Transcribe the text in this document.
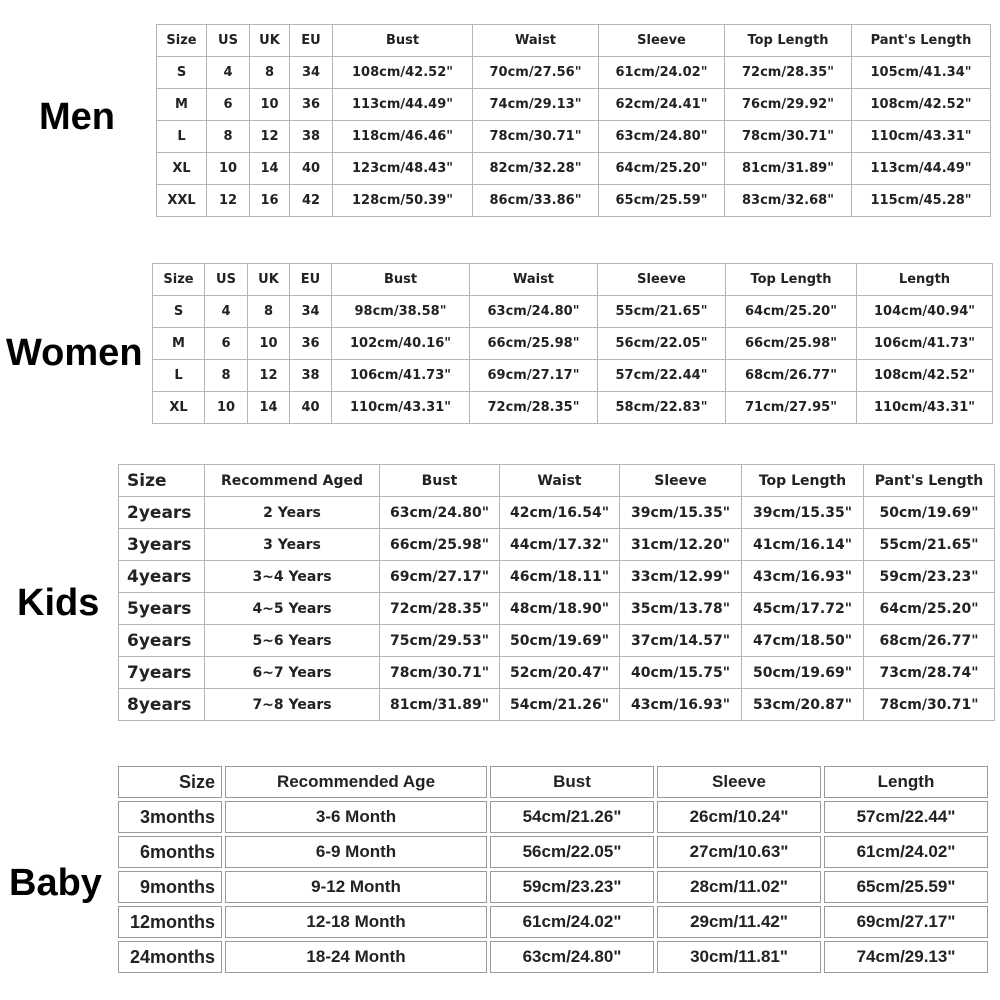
Men
Size	US	UK	EU	Bust	Waist	Sleeve	Top Length	Pant's Length
S	4	8	34	108cm/42.52"	70cm/27.56"	61cm/24.02"	72cm/28.35"	105cm/41.34"
M	6	10	36	113cm/44.49"	74cm/29.13"	62cm/24.41"	76cm/29.92"	108cm/42.52"
L	8	12	38	118cm/46.46"	78cm/30.71"	63cm/24.80"	78cm/30.71"	110cm/43.31"
XL	10	14	40	123cm/48.43"	82cm/32.28"	64cm/25.20"	81cm/31.89"	113cm/44.49"
XXL	12	16	42	128cm/50.39"	86cm/33.86"	65cm/25.59"	83cm/32.68"	115cm/45.28"
Women
Size	US	UK	EU	Bust	Waist	Sleeve	Top Length	Length
S	4	8	34	98cm/38.58"	63cm/24.80"	55cm/21.65"	64cm/25.20"	104cm/40.94"
M	6	10	36	102cm/40.16"	66cm/25.98"	56cm/22.05"	66cm/25.98"	106cm/41.73"
L	8	12	38	106cm/41.73"	69cm/27.17"	57cm/22.44"	68cm/26.77"	108cm/42.52"
XL	10	14	40	110cm/43.31"	72cm/28.35"	58cm/22.83"	71cm/27.95"	110cm/43.31"
Kids
Size	Recommend Aged	Bust	Waist	Sleeve	Top Length	Pant's Length
2years	2 Years	63cm/24.80"	42cm/16.54"	39cm/15.35"	39cm/15.35"	50cm/19.69"
3years	3 Years	66cm/25.98"	44cm/17.32"	31cm/12.20"	41cm/16.14"	55cm/21.65"
4years	3~4 Years	69cm/27.17"	46cm/18.11"	33cm/12.99"	43cm/16.93"	59cm/23.23"
5years	4~5 Years	72cm/28.35"	48cm/18.90"	35cm/13.78"	45cm/17.72"	64cm/25.20"
6years	5~6 Years	75cm/29.53"	50cm/19.69"	37cm/14.57"	47cm/18.50"	68cm/26.77"
7years	6~7 Years	78cm/30.71"	52cm/20.47"	40cm/15.75"	50cm/19.69"	73cm/28.74"
8years	7~8 Years	81cm/31.89"	54cm/21.26"	43cm/16.93"	53cm/20.87"	78cm/30.71"
Baby
Size	Recommended Age	Bust	Sleeve	Length
3months	3-6 Month	54cm/21.26"	26cm/10.24"	57cm/22.44"
6months	6-9 Month	56cm/22.05"	27cm/10.63"	61cm/24.02"
9months	9-12 Month	59cm/23.23"	28cm/11.02"	65cm/25.59"
12months	12-18 Month	61cm/24.02"	29cm/11.42"	69cm/27.17"
24months	18-24 Month	63cm/24.80"	30cm/11.81"	74cm/29.13"
